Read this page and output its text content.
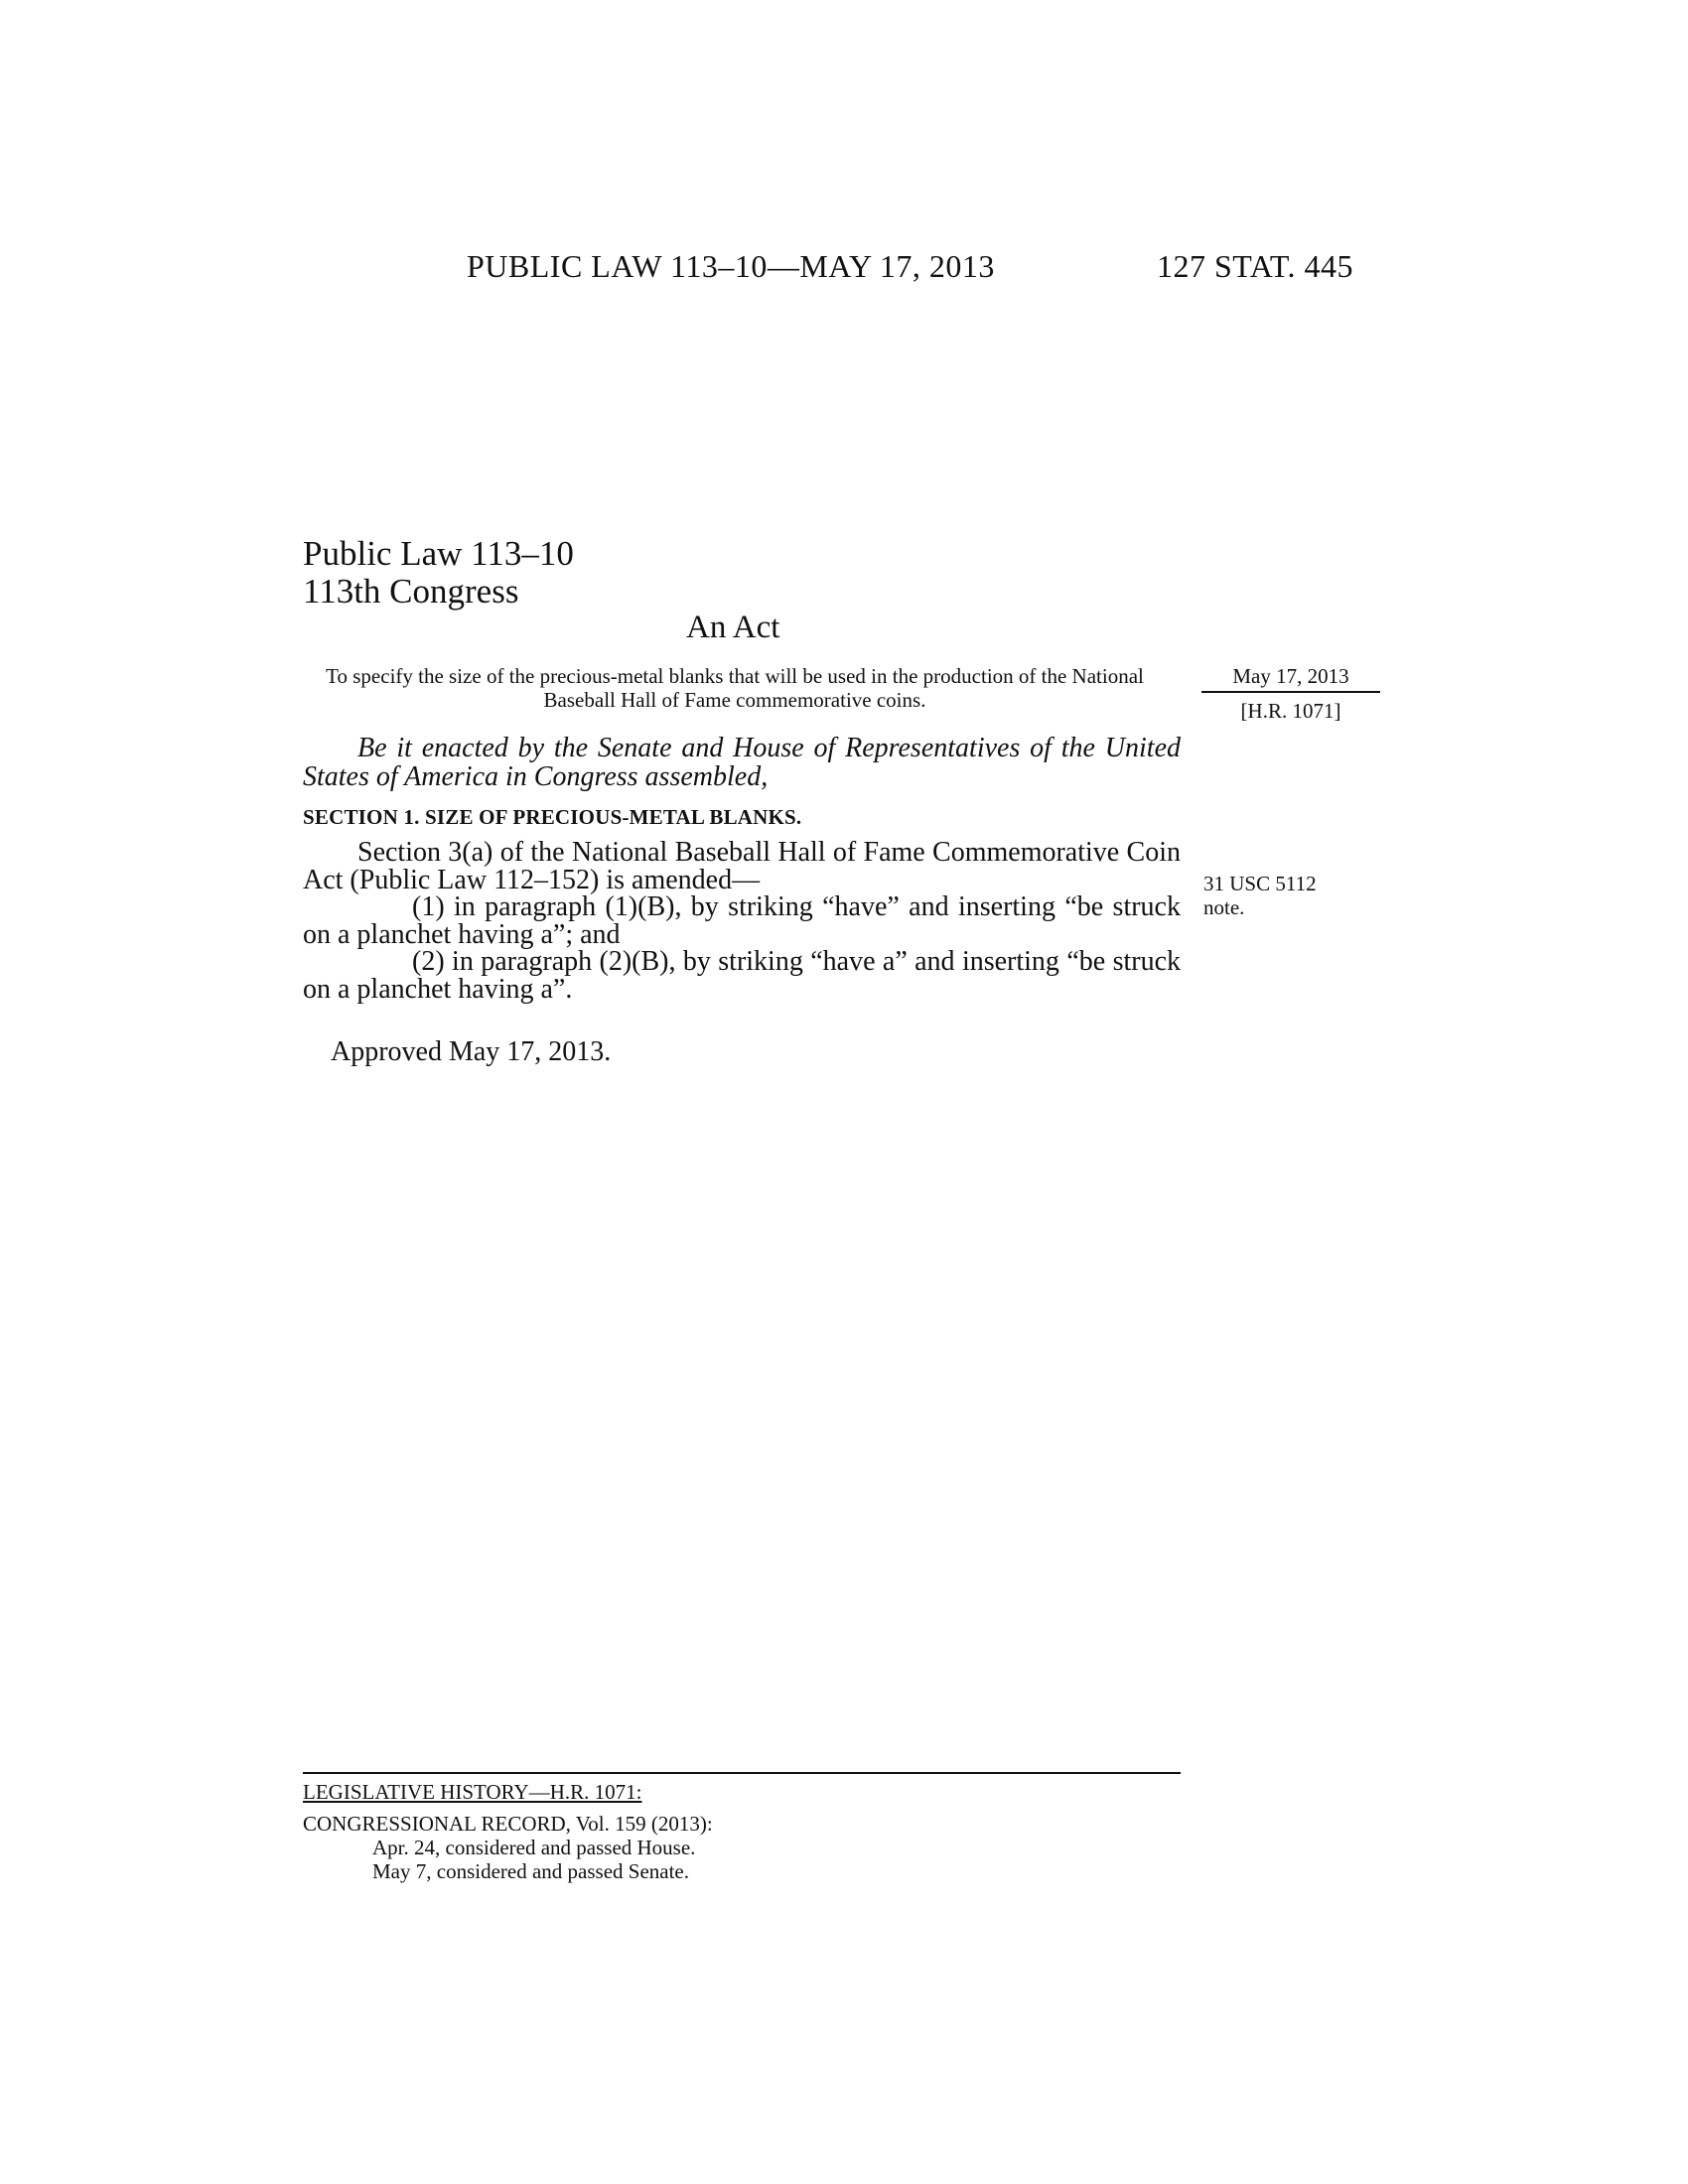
PUBLIC LAW 113–10—MAY 17, 2013	127 STAT. 445
Public Law 113–10
113th Congress
An Act
To specify the size of the precious-metal blanks that will be used in the production of the National Baseball Hall of Fame commemorative coins.
May 17, 2013
[H.R. 1071]
Be it enacted by the Senate and House of Representatives of the United States of America in Congress assembled,
SECTION 1. SIZE OF PRECIOUS-METAL BLANKS.

Section 3(a) of the National Baseball Hall of Fame Commemorative Coin Act (Public Law 112–152) is amended—

(1) in paragraph (1)(B), by striking “have” and inserting “be struck on a planchet having a”; and

(2) in paragraph (2)(B), by striking “have a” and inserting “be struck on a planchet having a”.

31 USC 5112
note.
Approved May 17, 2013.
LEGISLATIVE HISTORY—H.R. 1071:
CONGRESSIONAL RECORD, Vol. 159 (2013):
Apr. 24, considered and passed House.
May 7, considered and passed Senate.
